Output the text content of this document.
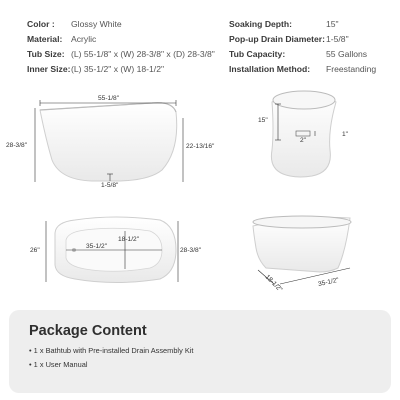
Color : Glossy White
Material: Acrylic
Tub Size: (L) 55-1/8" x (W) 28-3/8" x (D) 28-3/8"
Inner Size: (L) 35-1/2" x (W) 18-1/2"
Soaking Depth:	15"
Pop-up Drain Diameter: 1-5/8"
Tub Capacity:	55 Gallons
Installation Method: Freestanding
55-1/8"
28-3/8"	22-13/16"
1-5/8"
15"
2"
1"
26"
35-1/2"
18-1/2"
28-3/8"
18-1/2"	35-1/2"
Package Content
• 1 x Bathtub with Pre-installed Drain Assembly Kit
• 1 x User Manual
